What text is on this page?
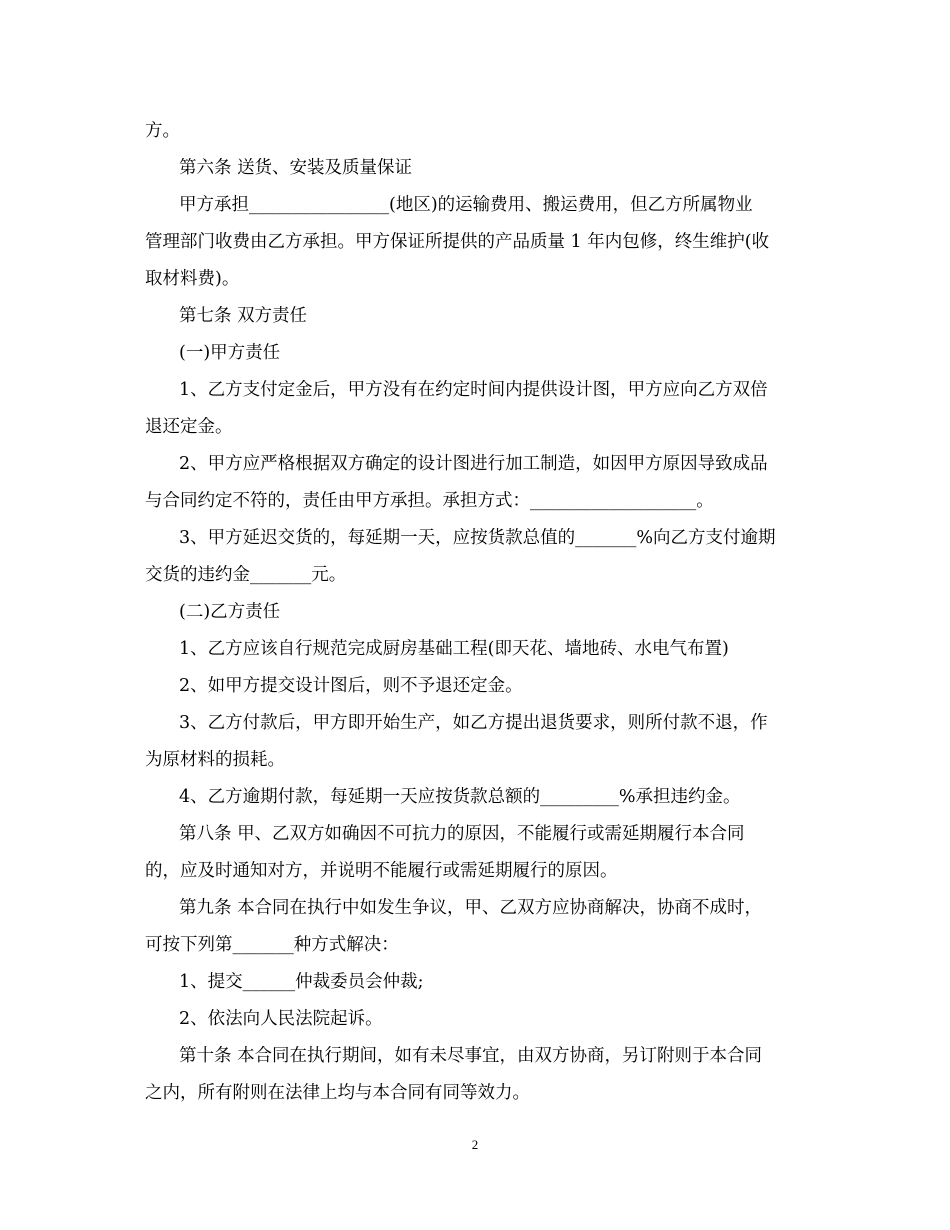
方。
第六条 送货、安装及质量保证
甲方承担________________(地区)的运输费用、搬运费用，但乙方所属物业
管理部门收费由乙方承担。甲方保证所提供的产品质量 1 年内包修，终生维护(收
取材料费)。
第七条 双方责任
(一)甲方责任
1、乙方支付定金后，甲方没有在约定时间内提供设计图，甲方应向乙方双倍
退还定金。
2、甲方应严格根据双方确定的设计图进行加工制造，如因甲方原因导致成品
与合同约定不符的，责任由甲方承担。承担方式：___________________。
3、甲方延迟交货的，每延期一天，应按货款总值的_______%向乙方支付逾期
交货的违约金_______元。
(二)乙方责任
1、乙方应该自行规范完成厨房基础工程(即天花、墙地砖、水电气布置)
2、如甲方提交设计图后，则不予退还定金。
3、乙方付款后，甲方即开始生产，如乙方提出退货要求，则所付款不退，作
为原材料的损耗。
4、乙方逾期付款，每延期一天应按货款总额的_________%承担违约金。
第八条 甲、乙双方如确因不可抗力的原因，不能履行或需延期履行本合同
的，应及时通知对方，并说明不能履行或需延期履行的原因。
第九条 本合同在执行中如发生争议，甲、乙双方应协商解决，协商不成时，
可按下列第_______种方式解决：
1、提交______仲裁委员会仲裁;
2、依法向人民法院起诉。
第十条 本合同在执行期间，如有未尽事宜，由双方协商，另订附则于本合同
之内，所有附则在法律上均与本合同有同等效力。
2
